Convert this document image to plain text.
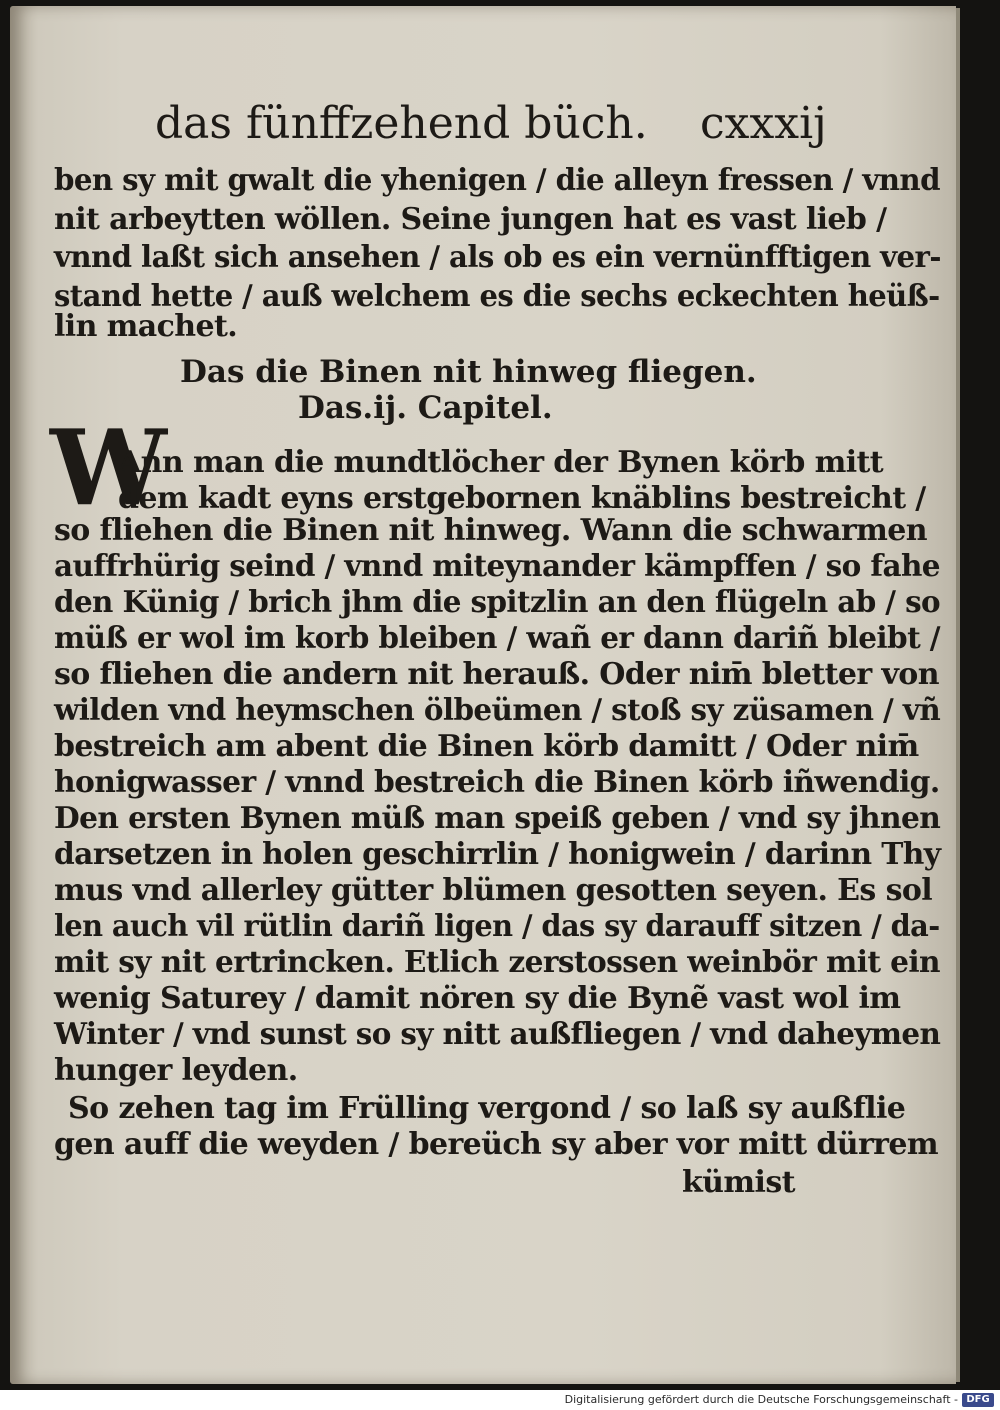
das fünffzehend büch. cxxxij
ben sy mit gwalt die yhenigen / die alleyn fressen / vnnd
nit arbeytten wöllen. Seine jungen hat es vast lieb /
vnnd laßt sich ansehen / als ob es ein vernünfftigen ver-
stand hette / auß welchem es die sechs eckechten heüß-
lin machet.
Das die Binen nit hinweg fliegen.
Das.ij. Capitel.
W
Ann man die mundtlöcher der Bynen körb mitt
dem kadt eyns erstgebornen knäblins bestreicht /
so fliehen die Binen nit hinweg. Wann die schwarmen
auffrhürig seind / vnnd miteynander kämpffen / so fahe
den Künig / brich jhm die spitzlin an den flügeln ab / so
müß er wol im korb bleiben / wañ er dann dariñ bleibt /
so fliehen die andern nit herauß. Oder nim̄ bletter von
wilden vnd heymschen ölbeümen / stoß sy züsamen / vñ
bestreich am abent die Binen körb damitt / Oder nim̄
honigwasser / vnnd bestreich die Binen körb iñwendig.
Den ersten Bynen müß man speiß geben / vnd sy jhnen
darsetzen in holen geschirrlin / honigwein / darinn Thy
mus vnd allerley gütter blümen gesotten seyen. Es sol
len auch vil rütlin dariñ ligen / das sy darauff sitzen / da-
mit sy nit ertrincken. Etlich zerstossen weinbör mit ein
wenig Saturey / damit nören sy die Bynẽ vast wol im
Winter / vnd sunst so sy nitt außfliegen / vnd daheymen
hunger leyden.
So zehen tag im Frülling vergond / so laß sy außflie
gen auff die weyden / bereüch sy aber vor mitt dürrem
kümist
Digitalisierung gefördert durch die Deutsche Forschungsgemeinschaft - DFG
